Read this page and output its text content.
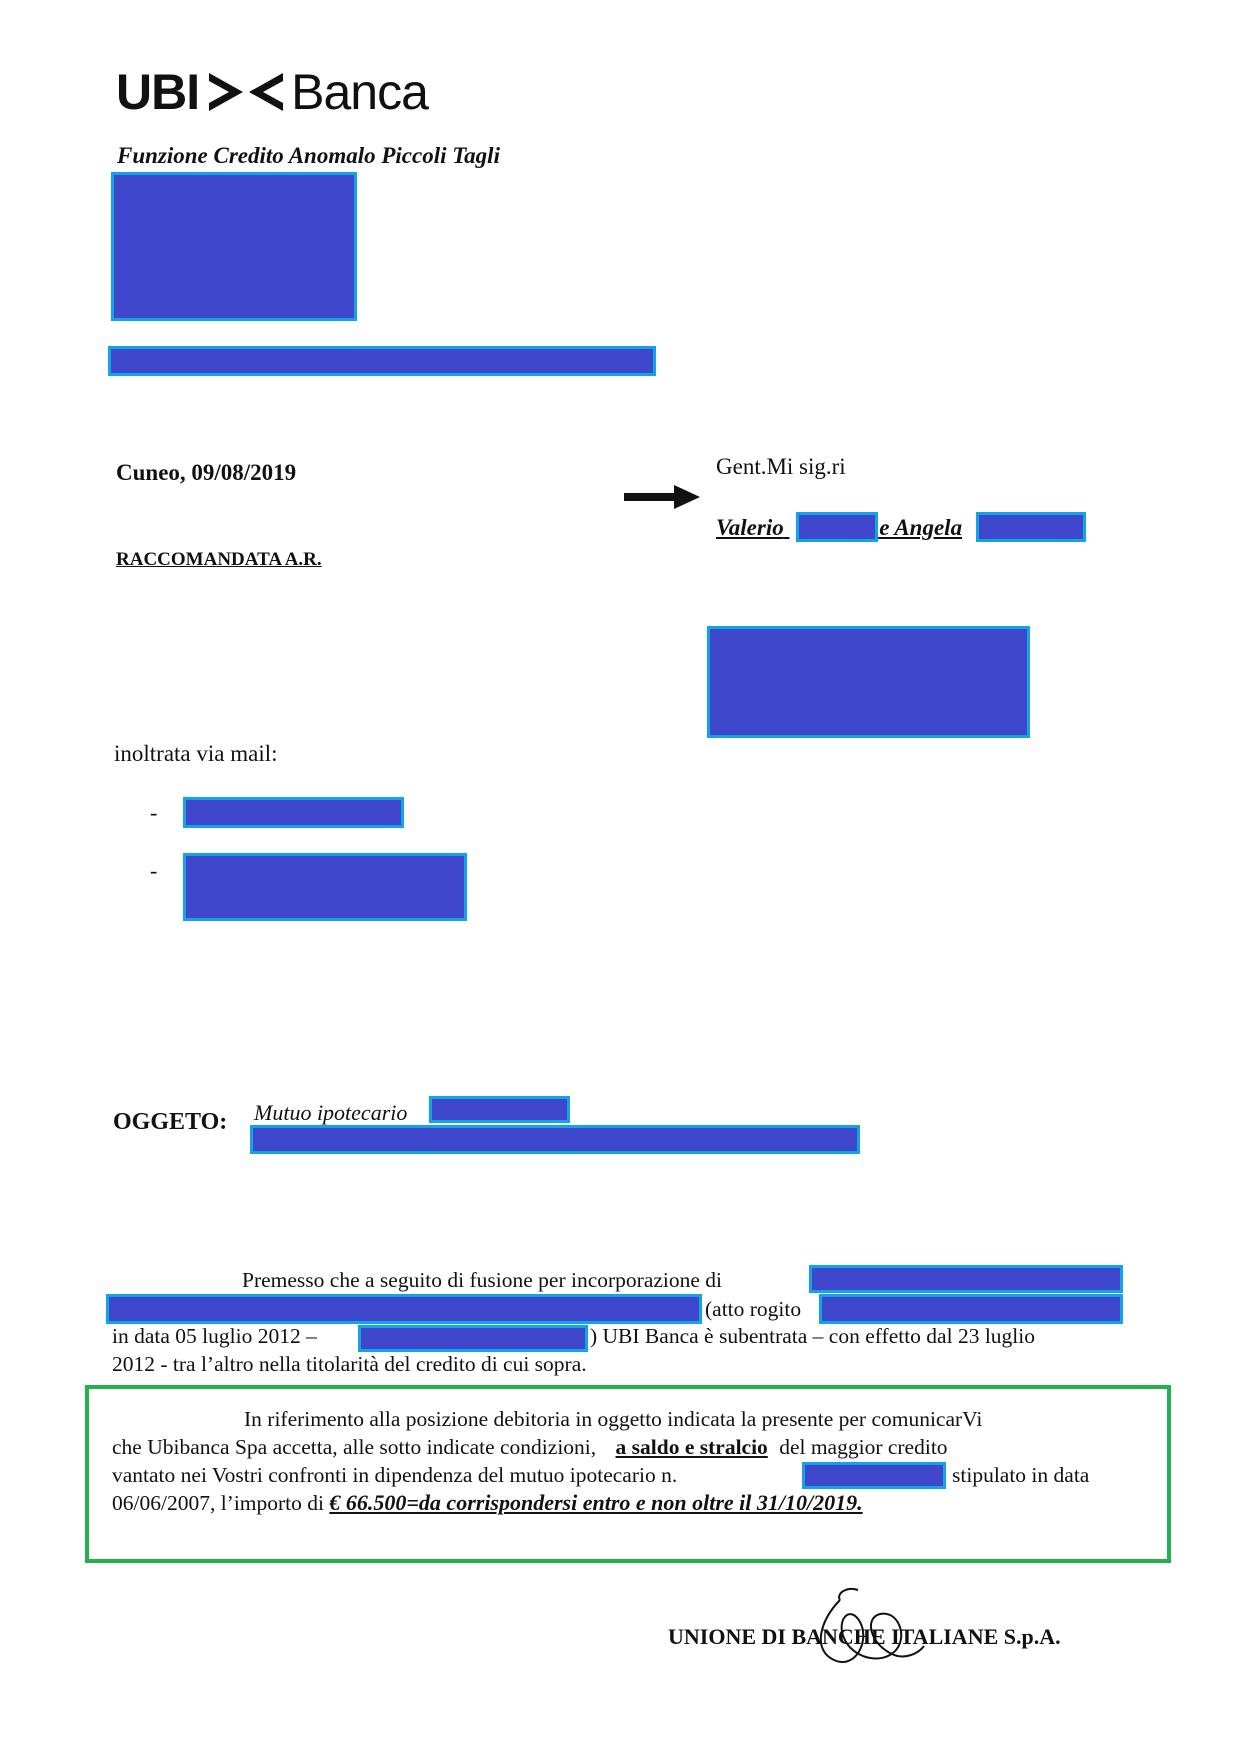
UBI Banca
Funzione Credito Anomalo Piccoli Tagli
Cuneo, 09/08/2019
RACCOMANDATA A.R.
Gent.Mi sig.ri
Valerio	e Angela
inoltrata via mail:
-
-
OGGETO: Mutuo ipotecario
Premesso che a seguito di fusione per incorporazione di
(atto rogito
in data 05 luglio 2012 –	) UBI Banca è subentrata – con effetto dal 23 luglio
2012 - tra l’altro nella titolarità del credito di cui sopra.
In riferimento alla posizione debitoria in oggetto indicata la presente per comunicarVi
che Ubibanca Spa accetta, alle sotto indicate condizioni, a saldo e stralcio del maggior credito
vantato nei Vostri confronti in dipendenza del mutuo ipotecario n.	stipulato in data
06/06/2007, l’importo di € 66.500=da corrispondersi entro e non oltre il 31/10/2019.
UNIONE DI BANCHE ITALIANE S.p.A.
